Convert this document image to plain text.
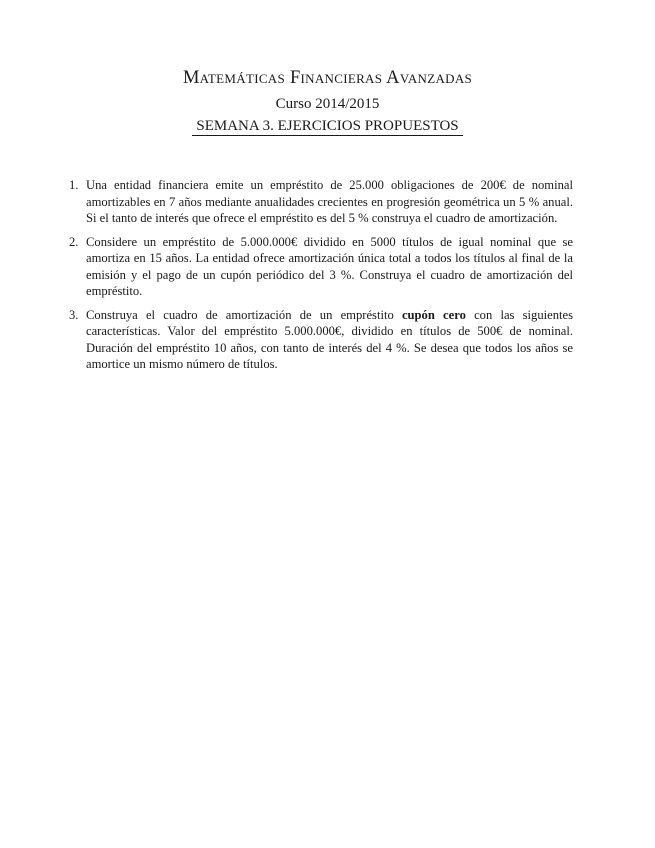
Matemáticas Financieras Avanzadas
Curso 2014/2015
SEMANA 3. EJERCICIOS PROPUESTOS
1. Una entidad financiera emite un empréstito de 25.000 obligaciones de 200€ de nominal amortizables en 7 años mediante anualidades crecientes en progresión geométrica un 5 % anual. Si el tanto de interés que ofrece el empréstito es del 5 % construya el cuadro de amortización.
2. Considere un empréstito de 5.000.000€ dividido en 5000 títulos de igual nominal que se amortiza en 15 años. La entidad ofrece amortización única total a todos los títulos al final de la emisión y el pago de un cupón periódico del 3 %. Construya el cuadro de amortización del empréstito.
3. Construya el cuadro de amortización de un empréstito cupón cero con las siguientes características. Valor del empréstito 5.000.000€, dividido en títulos de 500€ de nominal. Duración del empréstito 10 años, con tanto de interés del 4 %. Se desea que todos los años se amortice un mismo número de títulos.
